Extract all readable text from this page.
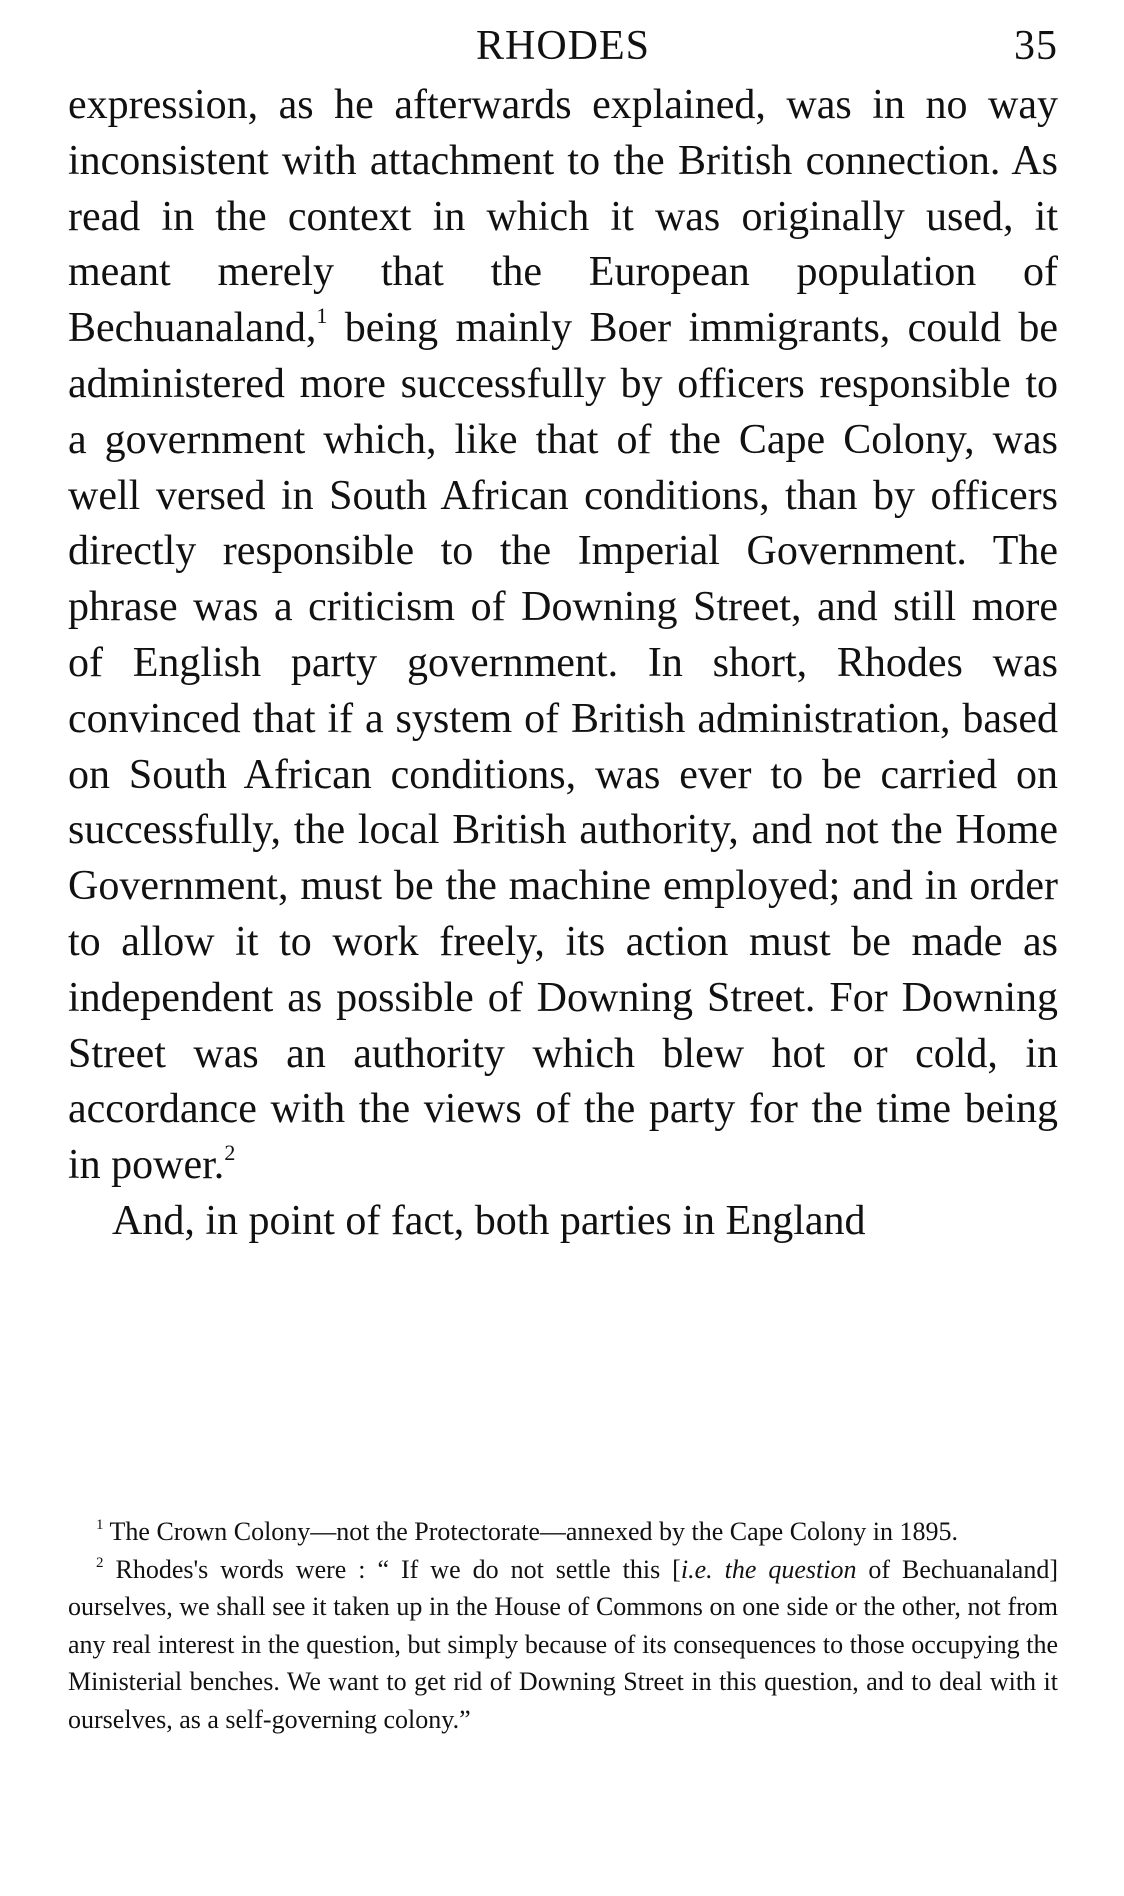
RHODES	35

expression, as he afterwards explained, was in no way inconsistent with attachment to the British connection. As read in the context in which it was originally used, it meant merely that the European population of Bechuanaland,$^1$ being mainly Boer immigrants, could be administered more successfully by officers responsible to a government which, like that of the Cape Colony, was well versed in South African conditions, than by officers directly responsible to the Imperial Government. The phrase was a criticism of Downing Street, and still more of English party government. In short, Rhodes was convinced that if a system of British administration, based on South African conditions, was ever to be carried on successfully, the local British authority, and not the Home Government, must be the machine employed; and in order to allow it to work freely, its action must be made as independent as possible of Downing Street. For Downing Street was an authority which blew hot or cold, in accordance with the views of the party for the time being in power.$^2$

And, in point of fact, both parties in England

$^1$ The Crown Colony—not the Protectorate—annexed by the Cape Colony in 1895.

$^2$ Rhodes's words were : “ If we do not settle this [i.e. the question of Bechuanaland] ourselves, we shall see it taken up in the House of Commons on one side or the other, not from any real interest in the question, but simply because of its consequences to those occupying the Ministerial benches. We want to get rid of Downing Street in this question, and to deal with it ourselves, as a self-governing colony.”
